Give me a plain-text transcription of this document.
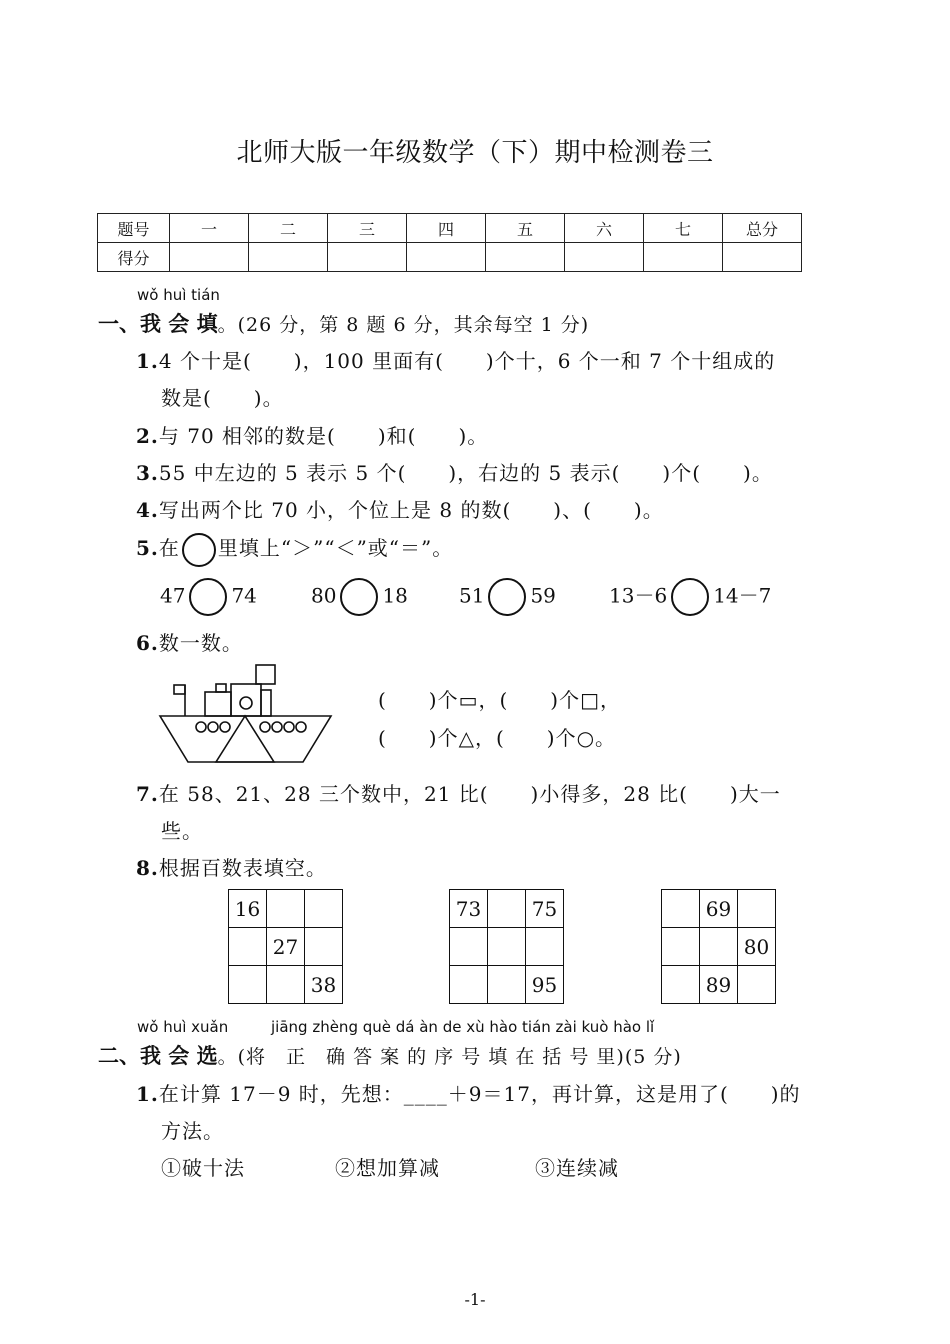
北师大版一年级数学（下）期中检测卷三
题号	一	二	三	四	五	六	七	总分
得分								
wǒ huì tián
一、我 会 填。(26 分，第 8 题 6 分，其余每空 1 分)
1.4 个十是(　　)，100 里面有(　　)个十，6 个一和 7 个十组成的
数是(　　)。
2.与 70 相邻的数是(　　)和(　　)。
3.55 中左边的 5 表示 5 个(　　)，右边的 5 表示(　　)个(　　)。
4.写出两个比 70 小，个位上是 8 的数(　　)、(　　)。
5.在 里填上“＞”“＜”或“＝”。
47 74	80 18	51 59	13－6 14－7
6.数一数。
(　　)个▭，(　　)个□，
(　　)个△，(　　)个○。
7.在 58、21、28 三个数中，21 比(　　)小得多，28 比(　　)大一
些。
8.根据百数表填空。
16		
	27	
		38
73		75

		95
	69	
		80
	89	
wǒ huì xuǎn	jiāng zhèng què dá àn de xù hào tián zài kuò hào lǐ
二、我 会 选。(将　正　确 答 案 的 序 号 填 在 括 号 里)(5 分)
1.在计算 17－9 时，先想：____＋9＝17，再计算，这是用了(　　)的
方法。
①破十法	②想加算减	③连续减
-1-
